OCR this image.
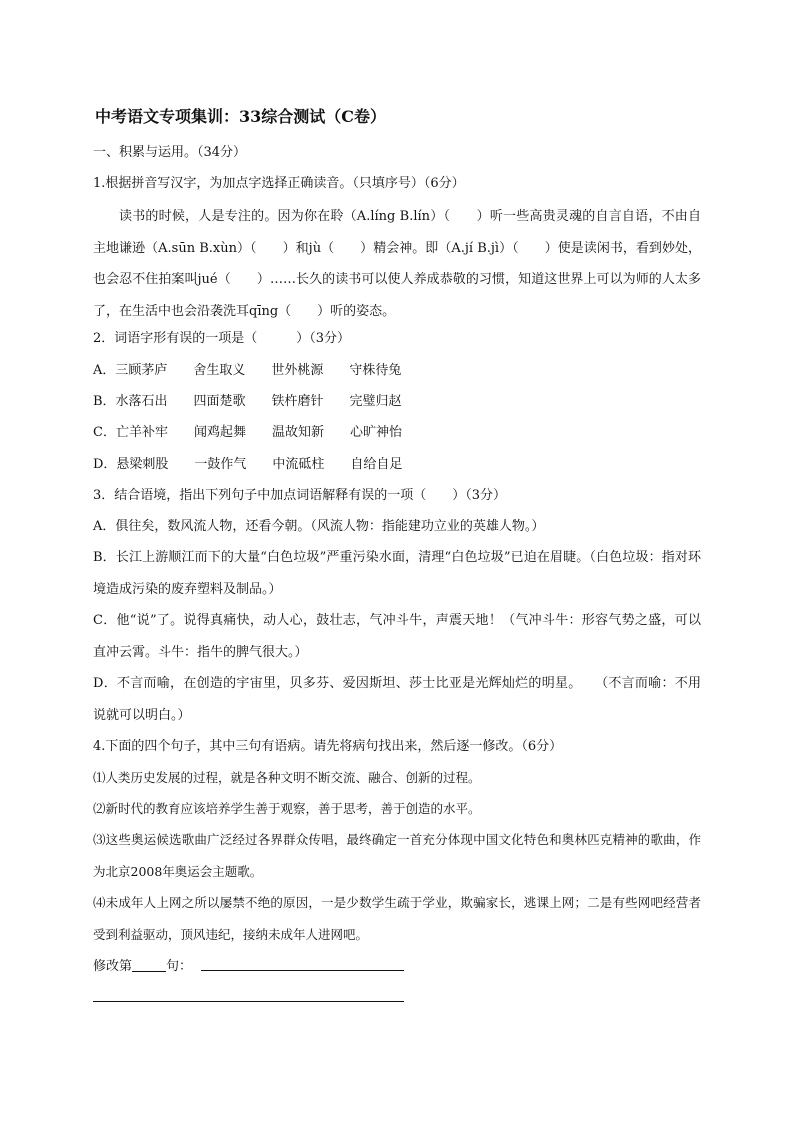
中考语文专项集训：33综合测试（C卷）
一、积累与运用。（34分）
1.根据拼音写汉字，为加点字选择正确读音。（只填序号）（6分）
读书的时候，人是专注的。因为你在聆（A.líng B.lín）（　　）听一些高贵灵魂的自言自语，不由自主地谦逊（A.sūn B.xùn）（　　）和jù（　　）精会神。即（A.jí B.jì）（　　）使是读闲书，看到妙处，也会忍不住拍案叫jué（　　）……长久的读书可以使人养成恭敬的习惯，知道这世界上可以为师的人太多了，在生活中也会沿袭洗耳qīng（　　）听的姿态。
2．词语字形有误的一项是（　　　）（3分）
A．三顾茅庐　　舍生取义　　世外桃源　　守株待兔
B．水落石出　　四面楚歌　　铁杵磨针　　完璧归赵
C．亡羊补牢　　闻鸡起舞　　温故知新　　心旷神怡
D．悬梁刺股　　一鼓作气　　中流砥柱　　自给自足
3．结合语境，指出下列句子中加点词语解释有误的一项（　　）（3分）
A．俱往矣，数风流人物，还看今朝。（风流人物：指能建功立业的英雄人物。）
B．长江上游顺江而下的大量“白色垃圾”严重污染水面，清理“白色垃圾”已迫在眉睫。（白色垃圾：指对环境造成污染的废弃塑料及制品。）
C．他“说”了。说得真痛快，动人心，鼓壮志，气冲斗牛，声震天地！（气冲斗牛：形容气势之盛，可以直冲云霄。斗牛：指牛的脾气很大。）
D．不言而喻，在创造的宇宙里，贝多芬、爱因斯坦、莎士比亚是光辉灿烂的明星。　　（不言而喻：不用说就可以明白。）
4.下面的四个句子，其中三句有语病。请先将病句找出来，然后逐一修改。（6分）
⑴人类历史发展的过程，就是各种文明不断交流、融合、创新的过程。
⑵新时代的教育应该培养学生善于观察，善于思考，善于创造的水平。
⑶这些奥运候选歌曲广泛经过各界群众传唱，最终确定一首充分体现中国文化特色和奥林匹克精神的歌曲，作为北京2008年奥运会主题歌。
⑷未成年人上网之所以屡禁不绝的原因，一是少数学生疏于学业，欺骗家长，逃课上网；二是有些网吧经营者受到利益驱动，顶风违纪，接纳未成年人进网吧。
修改第	句：
